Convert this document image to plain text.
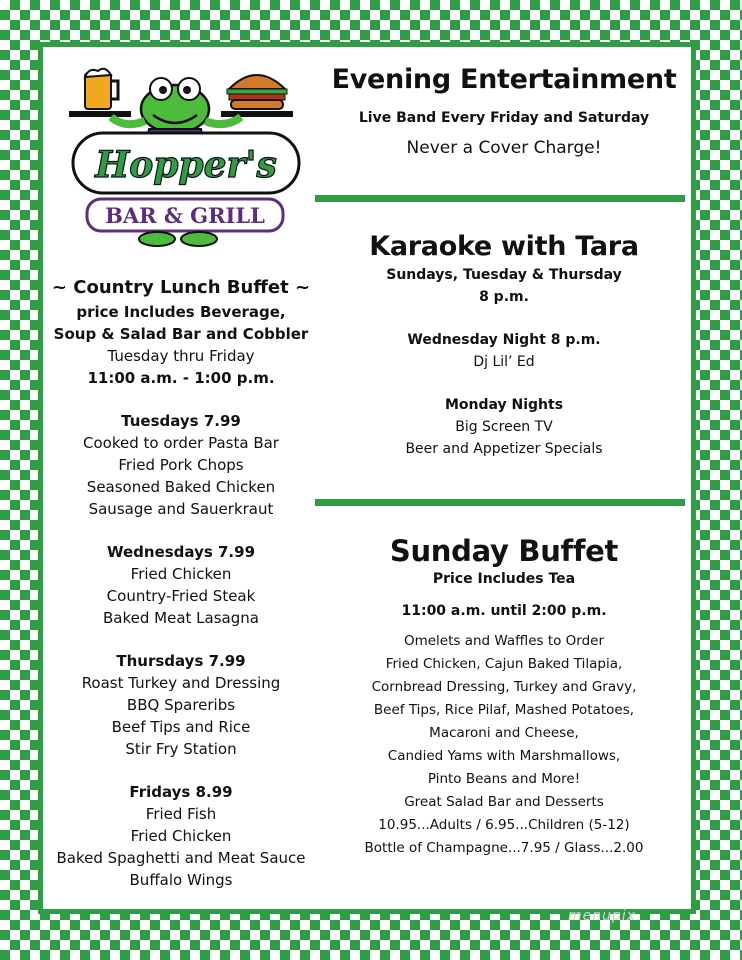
Hopper's
BAR & GRILL
~ Country Lunch Buffet ~
price Includes Beverage,
Soup & Salad Bar and Cobbler
Tuesday thru Friday
11:00 a.m. - 1:00 p.m.
Tuesdays 7.99
Cooked to order Pasta Bar
Fried Pork Chops
Seasoned Baked Chicken
Sausage and Sauerkraut
Wednesdays 7.99
Fried Chicken
Country-Fried Steak
Baked Meat Lasagna
Thursdays 7.99
Roast Turkey and Dressing
BBQ Spareribs
Beef Tips and Rice
Stir Fry Station
Fridays 8.99
Fried Fish
Fried Chicken
Baked Spaghetti and Meat Sauce
Buffalo Wings
Evening Entertainment
Live Band Every Friday and Saturday
Never a Cover Charge!
Karaoke with Tara
Sundays, Tuesday & Thursday
8 p.m.
Wednesday Night 8 p.m.
Dj Lil’ Ed
Monday Nights
Big Screen TV
Beer and Appetizer Specials
Sunday Buffet
Price Includes Tea
11:00 a.m. until 2:00 p.m.
Omelets and Waffles to Order
Fried Chicken, Cajun Baked Tilapia,
Cornbread Dressing, Turkey and Gravy,
Beef Tips, Rice Pilaf, Mashed Potatoes,
Macaroni and Cheese,
Candied Yams with Marshmallows,
Pinto Beans and More!
Great Salad Bar and Desserts
10.95...Adults / 6.95...Children (5-12)
Bottle of Champagne...7.95 / Glass...2.00
menupix
